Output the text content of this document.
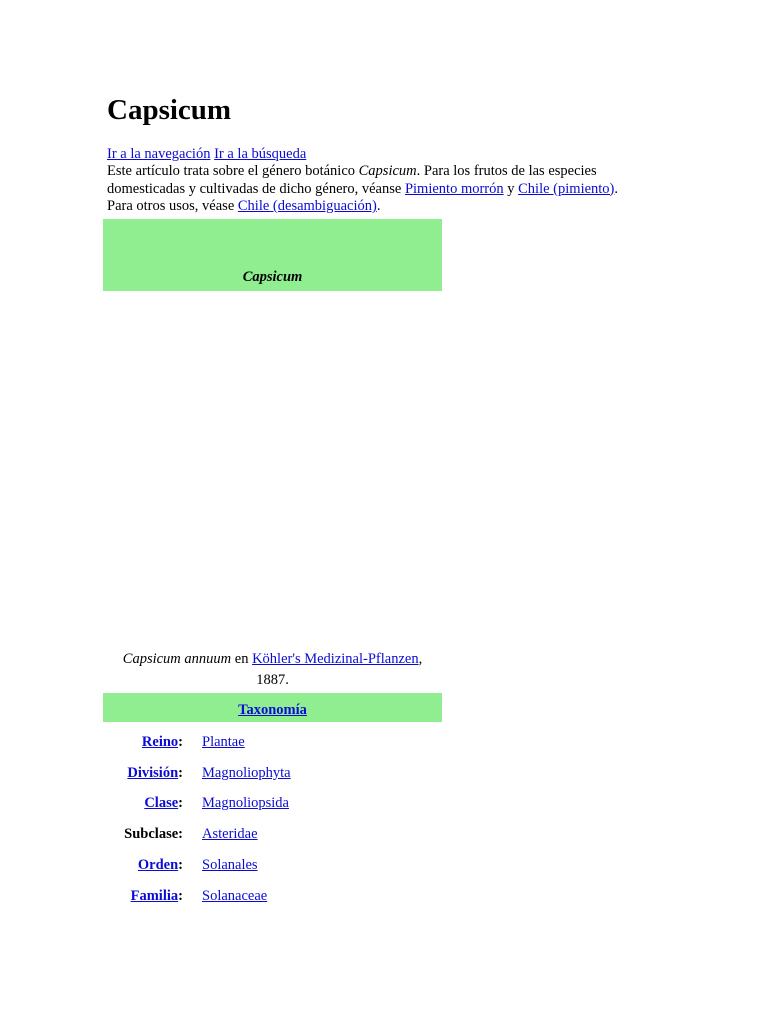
Capsicum
Ir a la navegación Ir a la búsqueda
Este artículo trata sobre el género botánico Capsicum. Para los frutos de las especies
domesticadas y cultivadas de dicho género, véanse Pimiento morrón y Chile (pimiento).
Para otros usos, véase Chile (desambiguación).
Capsicum
Capsicum annuum en Köhler's Medizinal-Pflanzen,
1887.
Taxonomía
Reino: Plantae
División: Magnoliophyta
Clase: Magnoliopsida
Subclase: Asteridae
Orden: Solanales
Familia: Solanaceae
